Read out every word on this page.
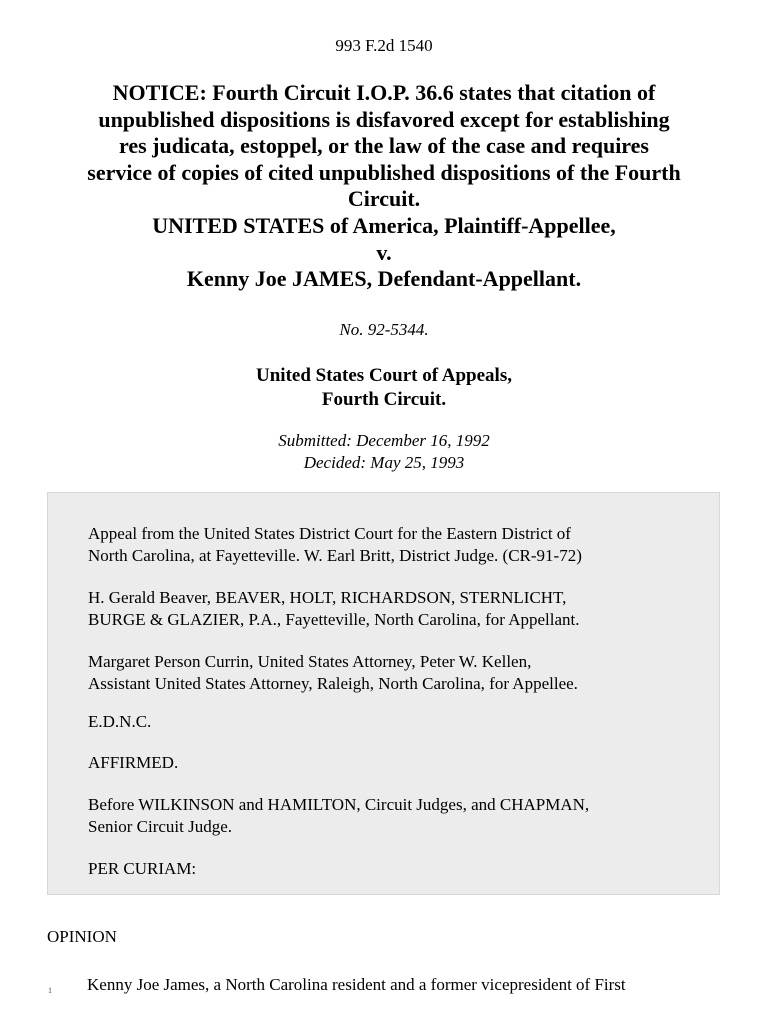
993 F.2d 1540
NOTICE: Fourth Circuit I.O.P. 36.6 states that citation of
unpublished dispositions is disfavored except for establishing
res judicata, estoppel, or the law of the case and requires
service of copies of cited unpublished dispositions of the Fourth
Circuit.
UNITED STATES of America, Plaintiff-Appellee,
v.
Kenny Joe JAMES, Defendant-Appellant.
No. 92-5344.
United States Court of Appeals,
Fourth Circuit.
Submitted: December 16, 1992
Decided: May 25, 1993
Appeal from the United States District Court for the Eastern District of
North Carolina, at Fayetteville. W. Earl Britt, District Judge. (CR-91-72)
H. Gerald Beaver, BEAVER, HOLT, RICHARDSON, STERNLICHT,
BURGE & GLAZIER, P.A., Fayetteville, North Carolina, for Appellant.
Margaret Person Currin, United States Attorney, Peter W. Kellen,
Assistant United States Attorney, Raleigh, North Carolina, for Appellee.
E.D.N.C.
AFFIRMED.
Before WILKINSON and HAMILTON, Circuit Judges, and CHAPMAN,
Senior Circuit Judge.
PER CURIAM:
OPINION
1 Kenny Joe James, a North Carolina resident and a former vicepresident of First
